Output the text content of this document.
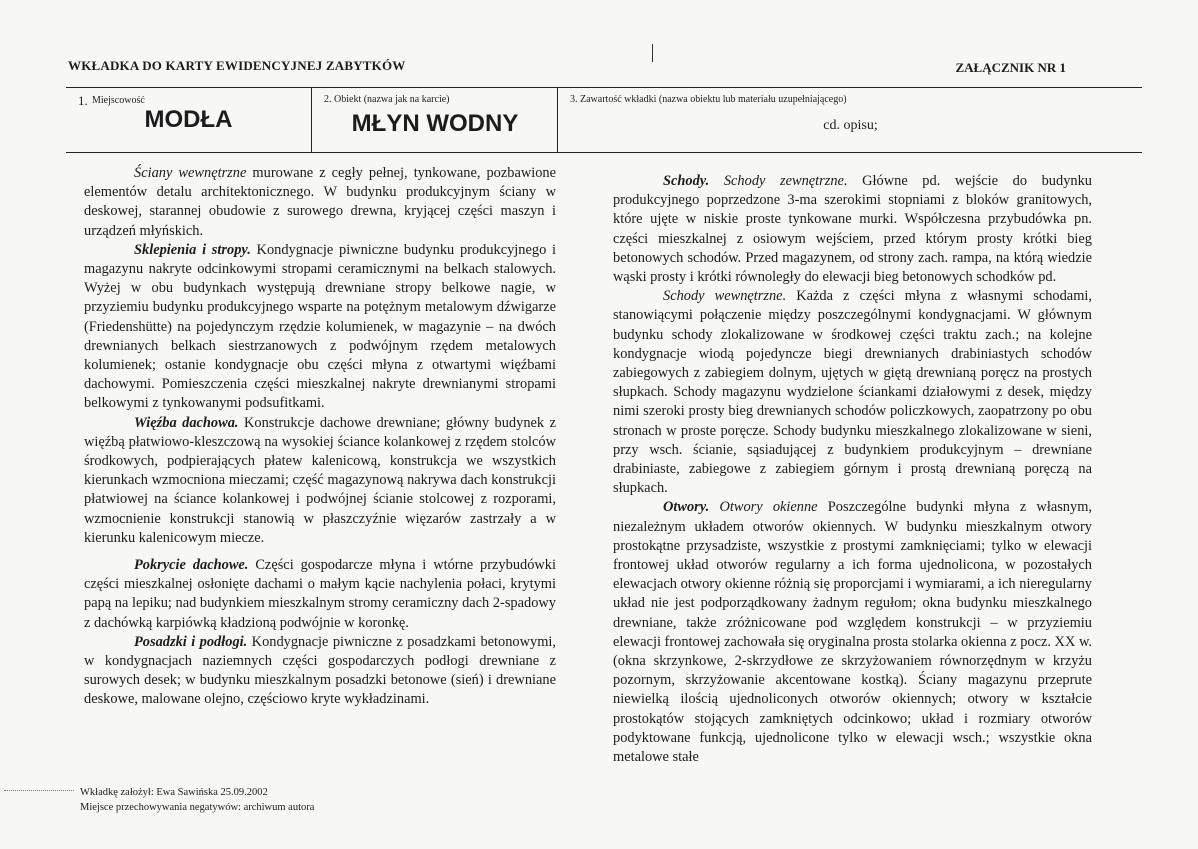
WKŁADKA DO KARTY EWIDENCYJNEJ ZABYTKÓW	ZAŁĄCZNIK NR 1
1. Miejscowość
MODŁA
2. Obiekt (nazwa jak na karcie)
MŁYN WODNY
3. Zawartość wkładki (nazwa obiektu lub materiału uzupełniającego)
cd. opisu;

Ściany wewnętrzne murowane z cegły pełnej, tynkowane, pozbawione elementów detalu architektonicznego. W budynku produkcyjnym ściany w deskowej, starannej obudowie z surowego drewna, kryjącej części maszyn i urządzeń młyńskich.

Sklepienia i stropy. Kondygnacje piwniczne budynku produkcyjnego i magazynu nakryte odcinkowymi stropami ceramicznymi na belkach stalowych. Wyżej w obu budynkach występują drewniane stropy belkowe nagie, w przyziemiu budynku produkcyjnego wsparte na potężnym metalowym dźwigarze (Friedenshütte) na pojedynczym rzędzie kolumienek, w magazynie – na dwóch drewnianych belkach siestrzanowych z podwójnym rzędem metalowych kolumienek; ostanie kondygnacje obu części młyna z otwartymi więźbami dachowymi. Pomieszczenia części mieszkalnej nakryte drewnianymi stropami belkowymi z tynkowanymi podsufitkami.

Więźba dachowa. Konstrukcje dachowe drewniane; główny budynek z więźbą płatwiowo-kleszczową na wysokiej ściance kolankowej z rzędem stolców środkowych, podpierających płatew kalenicową, konstrukcja we wszystkich kierunkach wzmocniona mieczami; część magazynową nakrywa dach konstrukcji płatwiowej na ściance kolankowej i podwójnej ścianie stolcowej z rozporami, wzmocnienie konstrukcji stanowią w płaszczyźnie więzarów zastrzały a w kierunku kalenicowym miecze.

Pokrycie dachowe. Części gospodarcze młyna i wtórne przybudówki części mieszkalnej osłonięte dachami o małym kącie nachylenia połaci, krytymi papą na lepiku; nad budynkiem mieszkalnym stromy ceramiczny dach 2-spadowy z dachówką karpiówką kładzioną podwójnie w koronkę.

Posadzki i podłogi. Kondygnacje piwniczne z posadzkami betonowymi, w kondygnacjach naziemnych części gospodarczych podłogi drewniane z surowych desek; w budynku mieszkalnym posadzki betonowe (sień) i drewniane deskowe, malowane olejno, częściowo kryte wykładzinami.

Schody. Schody zewnętrzne. Główne pd. wejście do budynku produkcyjnego poprzedzone 3-ma szerokimi stopniami z bloków granitowych, które ujęte w niskie proste tynkowane murki. Współczesna przybudówka pn. części mieszkalnej z osiowym wejściem, przed którym prosty krótki bieg betonowych schodów. Przed magazynem, od strony zach. rampa, na którą wiedzie wąski prosty i krótki równoległy do elewacji bieg betonowych schodków pd.

Schody wewnętrzne. Każda z części młyna z własnymi schodami, stanowiącymi połączenie między poszczególnymi kondygnacjami. W głównym budynku schody zlokalizowane w środkowej części traktu zach.; na kolejne kondygnacje wiodą pojedyncze biegi drewnianych drabiniastych schodów zabiegowych z zabiegiem dolnym, ujętych w giętą drewnianą poręcz na prostych słupkach. Schody magazynu wydzielone ściankami działowymi z desek, między nimi szeroki prosty bieg drewnianych schodów policzkowych, zaopatrzony po obu stronach w proste poręcze. Schody budynku mieszkalnego zlokalizowane w sieni, przy wsch. ścianie, sąsiadującej z budynkiem produkcyjnym – drewniane drabiniaste, zabiegowe z zabiegiem górnym i prostą drewnianą poręczą na słupkach.

Otwory. Otwory okienne Poszczególne budynki młyna z własnym, niezależnym układem otworów okiennych. W budynku mieszkalnym otwory prostokątne przysadziste, wszystkie z prostymi zamknięciami; tylko w elewacji frontowej układ otworów regularny a ich forma ujednolicona, w pozostałych elewacjach otwory okienne różnią się proporcjami i wymiarami, a ich nieregularny układ nie jest podporządkowany żadnym regułom; okna budynku mieszkalnego drewniane, także zróżnicowane pod względem konstrukcji – w przyziemiu elewacji frontowej zachowała się oryginalna prosta stolarka okienna z pocz. XX w. (okna skrzynkowe, 2-skrzydłowe ze skrzyżowaniem równorzędnym w krzyżu pozornym, skrzyżowanie akcentowane kostką). Ściany magazynu przeprute niewielką ilością ujednoliconych otworów okiennych; otwory w kształcie prostokątów stojących zamkniętych odcinkowo; układ i rozmiary otworów podyktowane funkcją, ujednolicone tylko w elewacji wsch.; wszystkie okna metalowe stałe

Wkładkę założył: Ewa Sawińska 25.09.2002
Miejsce przechowywania negatywów: archiwum autora
